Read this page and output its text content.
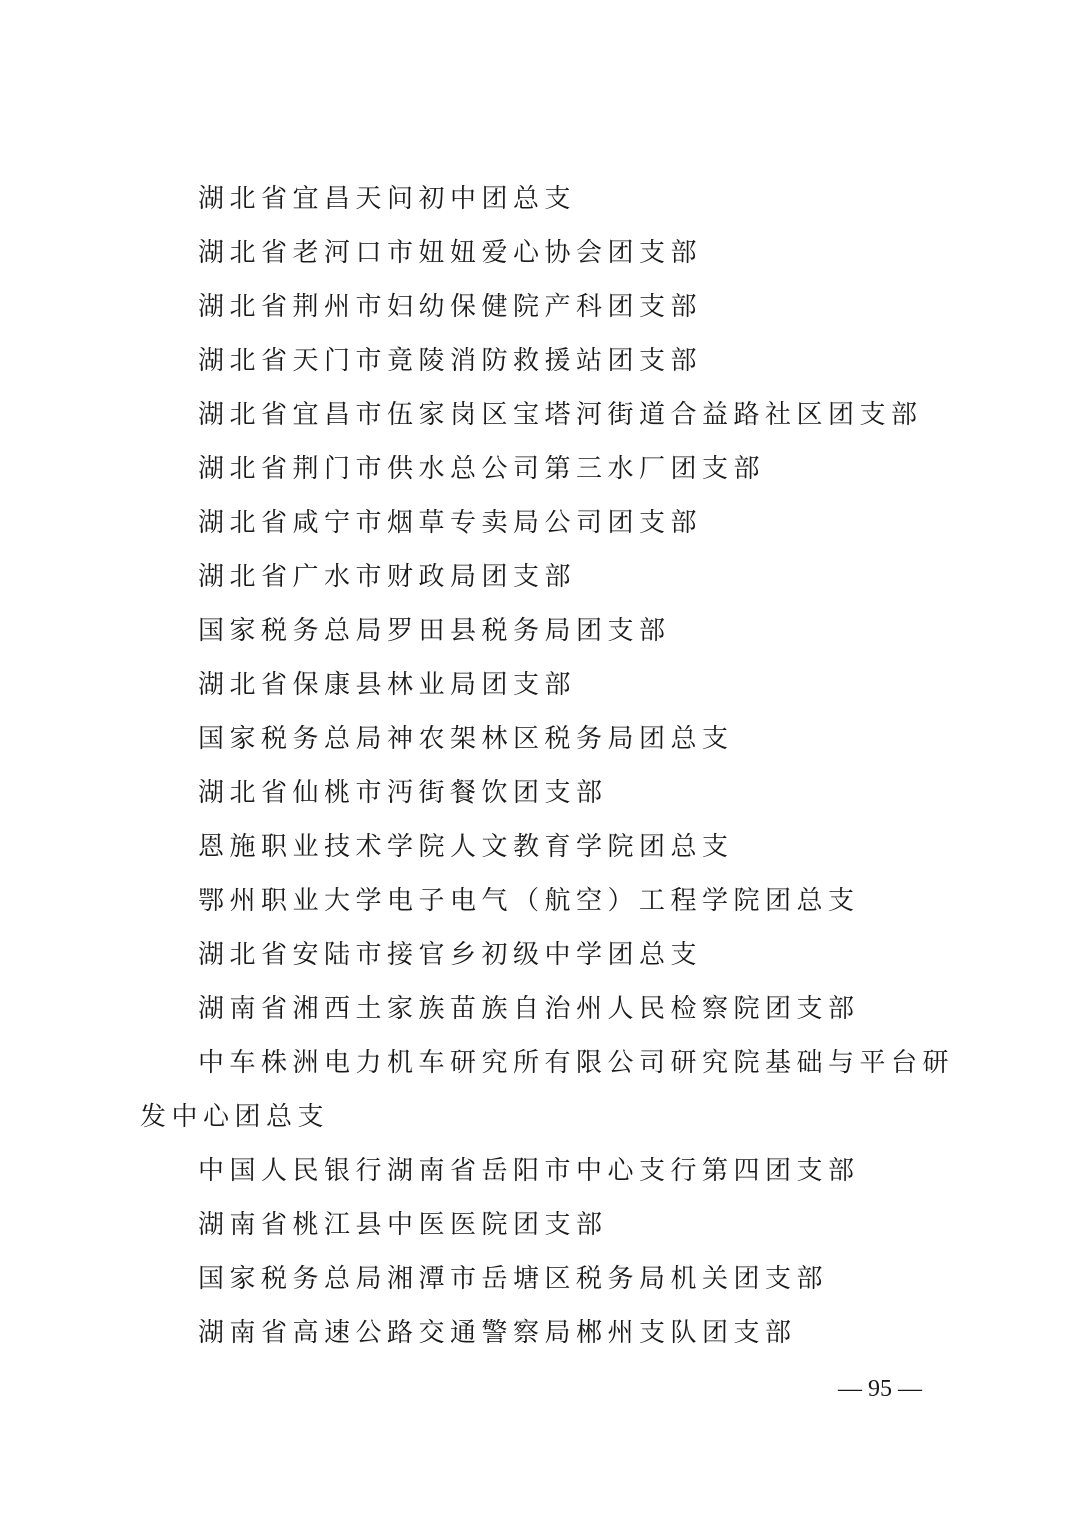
湖北省宜昌天问初中团总支
湖北省老河口市妞妞爱心协会团支部
湖北省荆州市妇幼保健院产科团支部
湖北省天门市竟陵消防救援站团支部
湖北省宜昌市伍家岗区宝塔河街道合益路社区团支部
湖北省荆门市供水总公司第三水厂团支部
湖北省咸宁市烟草专卖局公司团支部
湖北省广水市财政局团支部
国家税务总局罗田县税务局团支部
湖北省保康县林业局团支部
国家税务总局神农架林区税务局团总支
湖北省仙桃市沔街餐饮团支部
恩施职业技术学院人文教育学院团总支
鄂州职业大学电子电气（航空）工程学院团总支
湖北省安陆市接官乡初级中学团总支
湖南省湘西土家族苗族自治州人民检察院团支部
中车株洲电力机车研究所有限公司研究院基础与平台研发中心团总支
中国人民银行湖南省岳阳市中心支行第四团支部
湖南省桃江县中医医院团支部
国家税务总局湘潭市岳塘区税务局机关团支部
湖南省高速公路交通警察局郴州支队团支部
— 95 —
